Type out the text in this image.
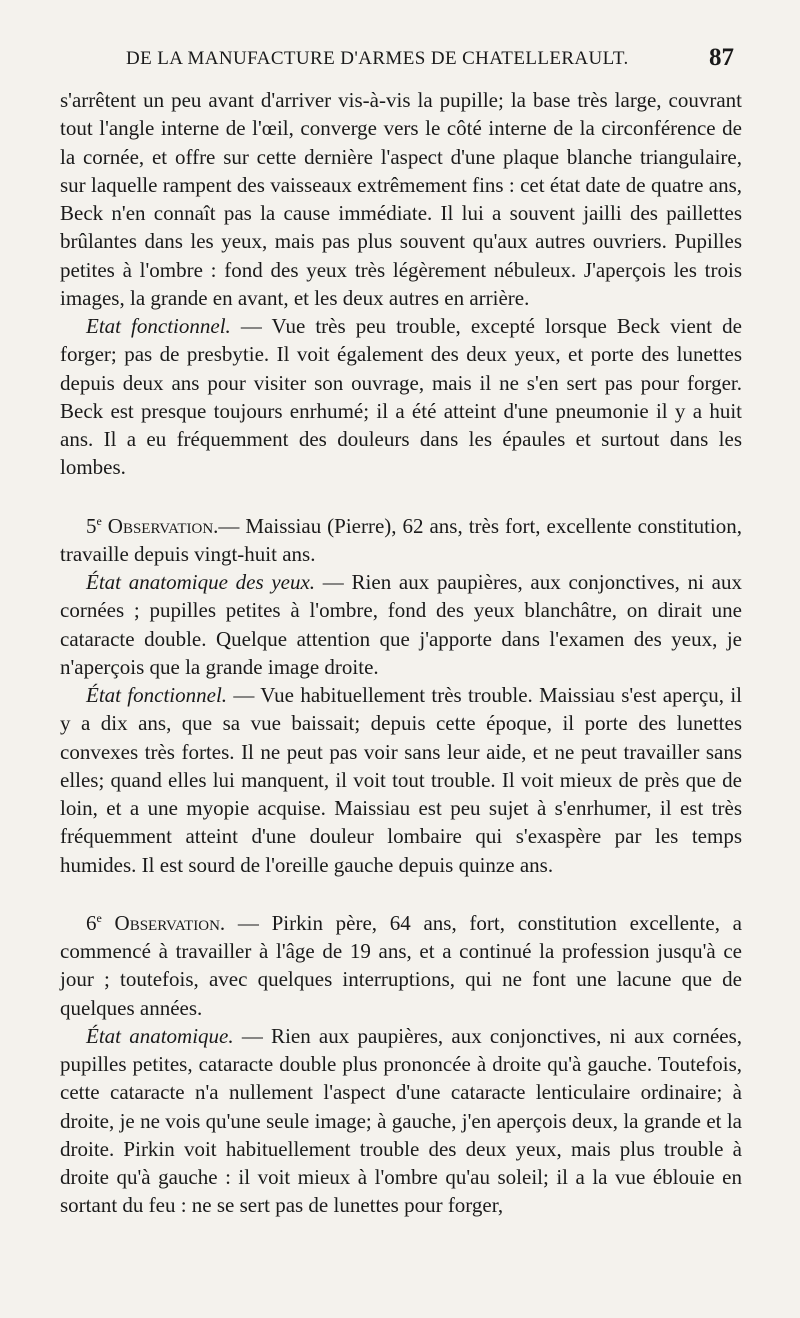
DE LA MANUFACTURE D'ARMES DE CHATELLERAULT.	87

s'arrêtent un peu avant d'arriver vis-à-vis la pupille; la base très large, couvrant tout l'angle interne de l'œil, converge vers le côté interne de la circonférence de la cornée, et offre sur cette dernière l'aspect d'une plaque blanche triangulaire, sur laquelle rampent des vaisseaux extrêmement fins : cet état date de quatre ans, Beck n'en connaît pas la cause immédiate. Il lui a souvent jailli des paillettes brûlantes dans les yeux, mais pas plus souvent qu'aux autres ouvriers. Pupilles petites à l'ombre : fond des yeux très légèrement nébuleux. J'aperçois les trois images, la grande en avant, et les deux autres en arrière.

Etat fonctionnel. — Vue très peu trouble, excepté lorsque Beck vient de forger; pas de presbytie. Il voit également des deux yeux, et porte des lunettes depuis deux ans pour visiter son ouvrage, mais il ne s'en sert pas pour forger. Beck est presque toujours enrhumé; il a été atteint d'une pneumonie il y a huit ans. Il a eu fréquemment des douleurs dans les épaules et surtout dans les lombes.

5e Observation.— Maissiau (Pierre), 62 ans, très fort, excellente constitution, travaille depuis vingt-huit ans.

État anatomique des yeux. — Rien aux paupières, aux conjonctives, ni aux cornées ; pupilles petites à l'ombre, fond des yeux blanchâtre, on dirait une cataracte double. Quelque attention que j'apporte dans l'examen des yeux, je n'aperçois que la grande image droite.

État fonctionnel. — Vue habituellement très trouble. Maissiau s'est aperçu, il y a dix ans, que sa vue baissait; depuis cette époque, il porte des lunettes convexes très fortes. Il ne peut pas voir sans leur aide, et ne peut travailler sans elles; quand elles lui manquent, il voit tout trouble. Il voit mieux de près que de loin, et a une myopie acquise. Maissiau est peu sujet à s'enrhumer, il est très fréquemment atteint d'une douleur lombaire qui s'exaspère par les temps humides. Il est sourd de l'oreille gauche depuis quinze ans.

6e Observation. — Pirkin père, 64 ans, fort, constitution excellente, a commencé à travailler à l'âge de 19 ans, et a continué la profession jusqu'à ce jour ; toutefois, avec quelques interruptions, qui ne font une lacune que de quelques années.

État anatomique. — Rien aux paupières, aux conjonctives, ni aux cornées, pupilles petites, cataracte double plus prononcée à droite qu'à gauche. Toutefois, cette cataracte n'a nullement l'aspect d'une cataracte lenticulaire ordinaire; à droite, je ne vois qu'une seule image; à gauche, j'en aperçois deux, la grande et la droite. Pirkin voit habituellement trouble des deux yeux, mais plus trouble à droite qu'à gauche : il voit mieux à l'ombre qu'au soleil; il a la vue éblouie en sortant du feu : ne se sert pas de lunettes pour forger,
